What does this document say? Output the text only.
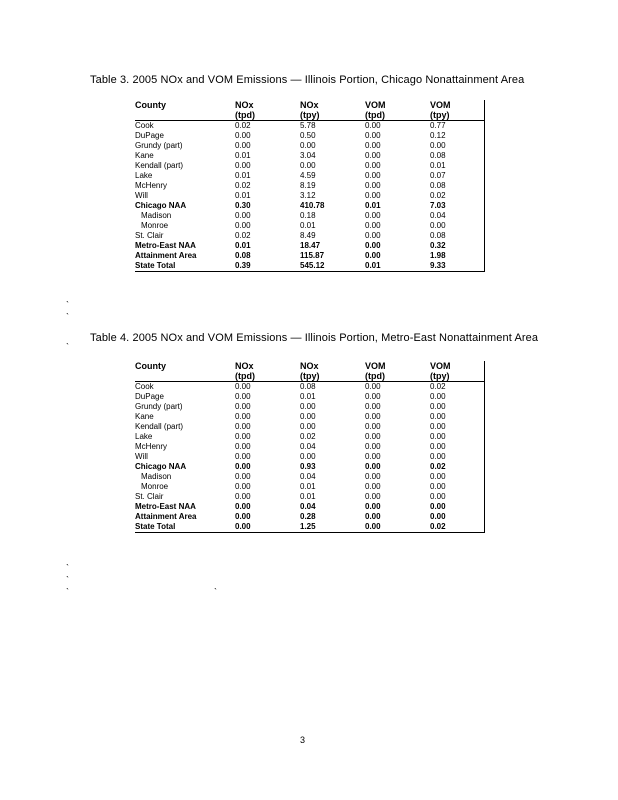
Table 3. 2005 NOx and VOM Emissions — Illinois Portion, Chicago Nonattainment Area
County	NOx	NOx	VOM	VOM
	(tpd)	(tpy)	(tpd)	(tpy)
Cook	0.02	5.78	0.00	0.77
DuPage	0.00	0.50	0.00	0.12
Grundy (part)	0.00	0.00	0.00	0.00
Kane	0.01	3.04	0.00	0.08
Kendall (part)	0.00	0.00	0.00	0.01
Lake	0.01	4.59	0.00	0.07
McHenry	0.02	8.19	0.00	0.08
Will	0.01	3.12	0.00	0.02
Chicago NAA	0.30	410.78	0.01	7.03
Madison	0.00	0.18	0.00	0.04
Monroe	0.00	0.01	0.00	0.00
St. Clair	0.02	8.49	0.00	0.08
Metro-East NAA	0.01	18.47	0.00	0.32
Attainment Area	0.08	115.87	0.00	1.98
State Total	0.39	545.12	0.01	9.33
`
`
`
Table 4. 2005 NOx and VOM Emissions — Illinois Portion, Metro-East Nonattainment Area
County	NOx	NOx	VOM	VOM
	(tpd)	(tpy)	(tpd)	(tpy)
Cook	0.00	0.08	0.00	0.02
DuPage	0.00	0.01	0.00	0.00
Grundy (part)	0.00	0.00	0.00	0.00
Kane	0.00	0.00	0.00	0.00
Kendall (part)	0.00	0.00	0.00	0.00
Lake	0.00	0.02	0.00	0.00
McHenry	0.00	0.04	0.00	0.00
Will	0.00	0.00	0.00	0.00
Chicago NAA	0.00	0.93	0.00	0.02
Madison	0.00	0.04	0.00	0.00
Monroe	0.00	0.01	0.00	0.00
St. Clair	0.00	0.01	0.00	0.00
Metro-East NAA	0.00	0.04	0.00	0.00
Attainment Area	0.00	0.28	0.00	0.00
State Total	0.00	1.25	0.00	0.02
`
`
`	`
3
